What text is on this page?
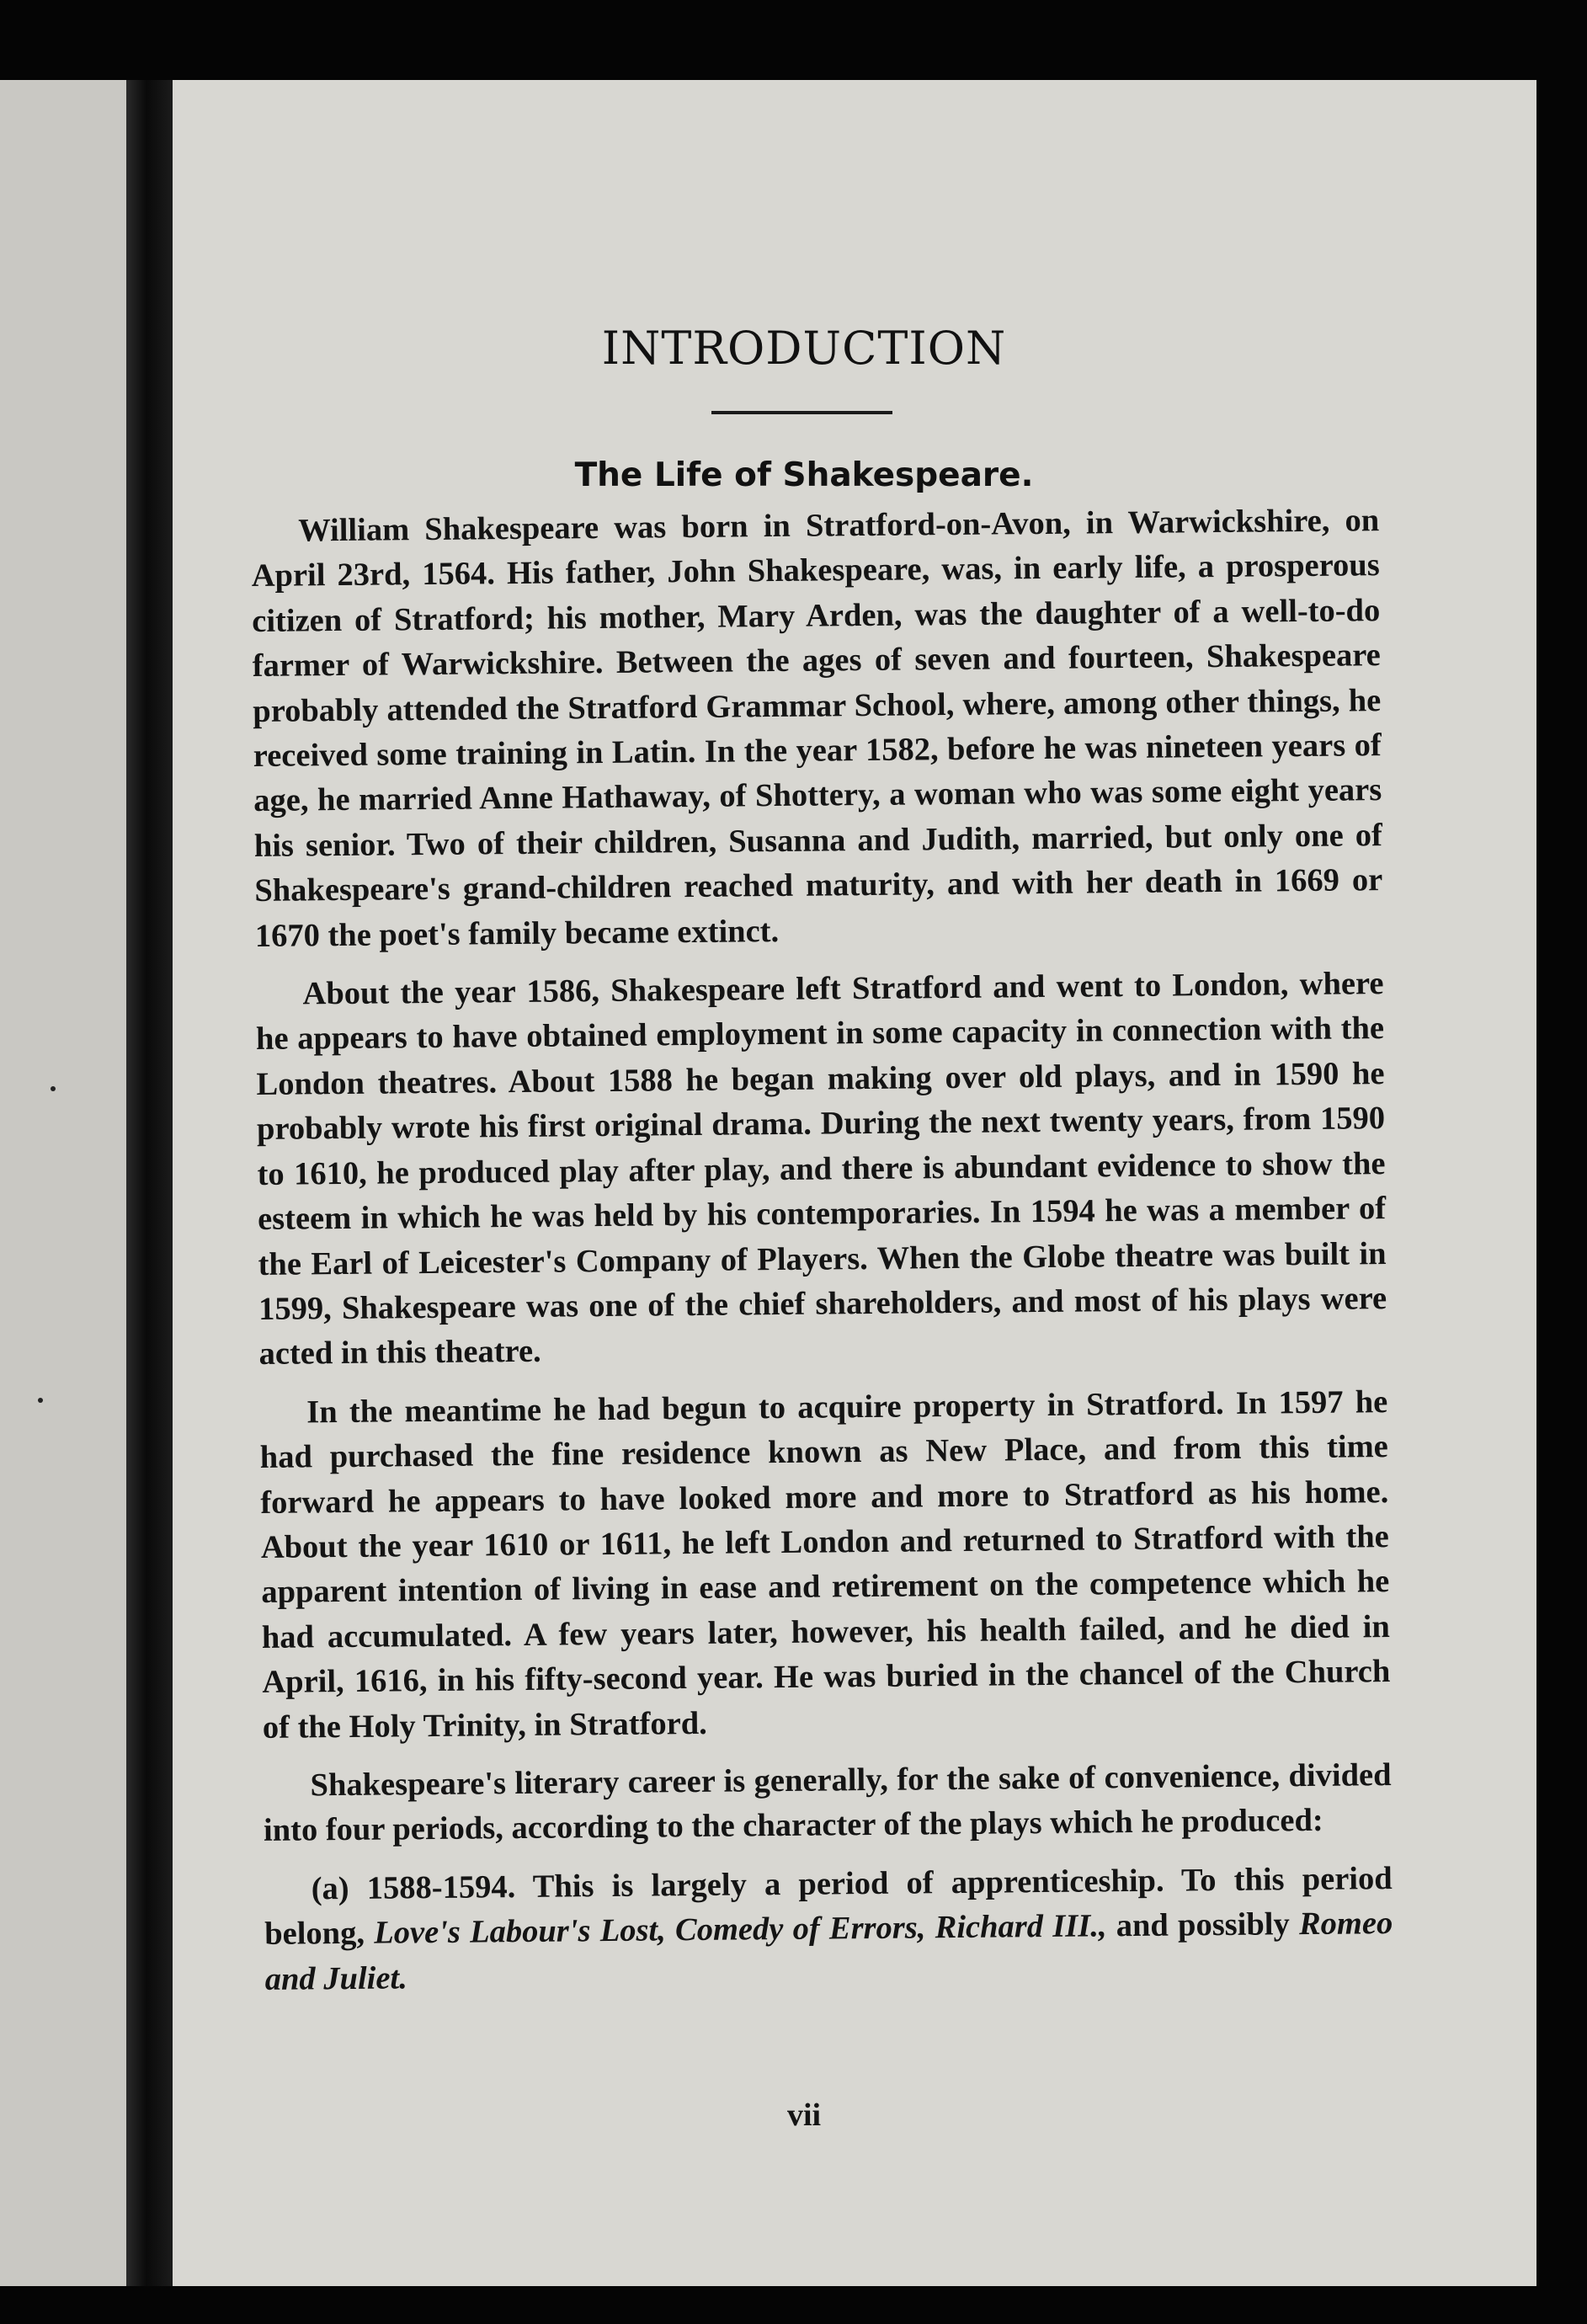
INTRODUCTION
The Life of Shakespeare.

William Shakespeare was born in Stratford-on-Avon, in Warwickshire, on April 23rd, 1564. His father, John Shakespeare, was, in early life, a prosperous citizen of Stratford; his mother, Mary Arden, was the daughter of a well-to-do farmer of Warwickshire. Between the ages of seven and fourteen, Shakespeare probably attended the Stratford Grammar School, where, among other things, he received some training in Latin. In the year 1582, before he was nineteen years of age, he married Anne Hathaway, of Shottery, a woman who was some eight years his senior. Two of their children, Susanna and Judith, married, but only one of Shakespeare's grand-children reached maturity, and with her death in 1669 or 1670 the poet's family became extinct.

About the year 1586, Shakespeare left Stratford and went to London, where he appears to have obtained employment in some capacity in connection with the London theatres. About 1588 he began making over old plays, and in 1590 he probably wrote his first original drama. During the next twenty years, from 1590 to 1610, he produced play after play, and there is abundant evidence to show the esteem in which he was held by his contemporaries. In 1594 he was a member of the Earl of Leicester's Company of Players. When the Globe theatre was built in 1599, Shakespeare was one of the chief shareholders, and most of his plays were acted in this theatre.

In the meantime he had begun to acquire property in Stratford. In 1597 he had purchased the fine residence known as New Place, and from this time forward he appears to have looked more and more to Stratford as his home. About the year 1610 or 1611, he left London and returned to Stratford with the apparent intention of living in ease and retirement on the competence which he had accumulated. A few years later, however, his health failed, and he died in April, 1616, in his fifty-second year. He was buried in the chancel of the Church of the Holy Trinity, in Stratford.

Shakespeare's literary career is generally, for the sake of convenience, divided into four periods, according to the character of the plays which he produced:

(a) 1588-1594. This is largely a period of apprenticeship. To this period belong, Love's Labour's Lost, Comedy of Errors, Richard III., and possibly Romeo and Juliet.

vii
